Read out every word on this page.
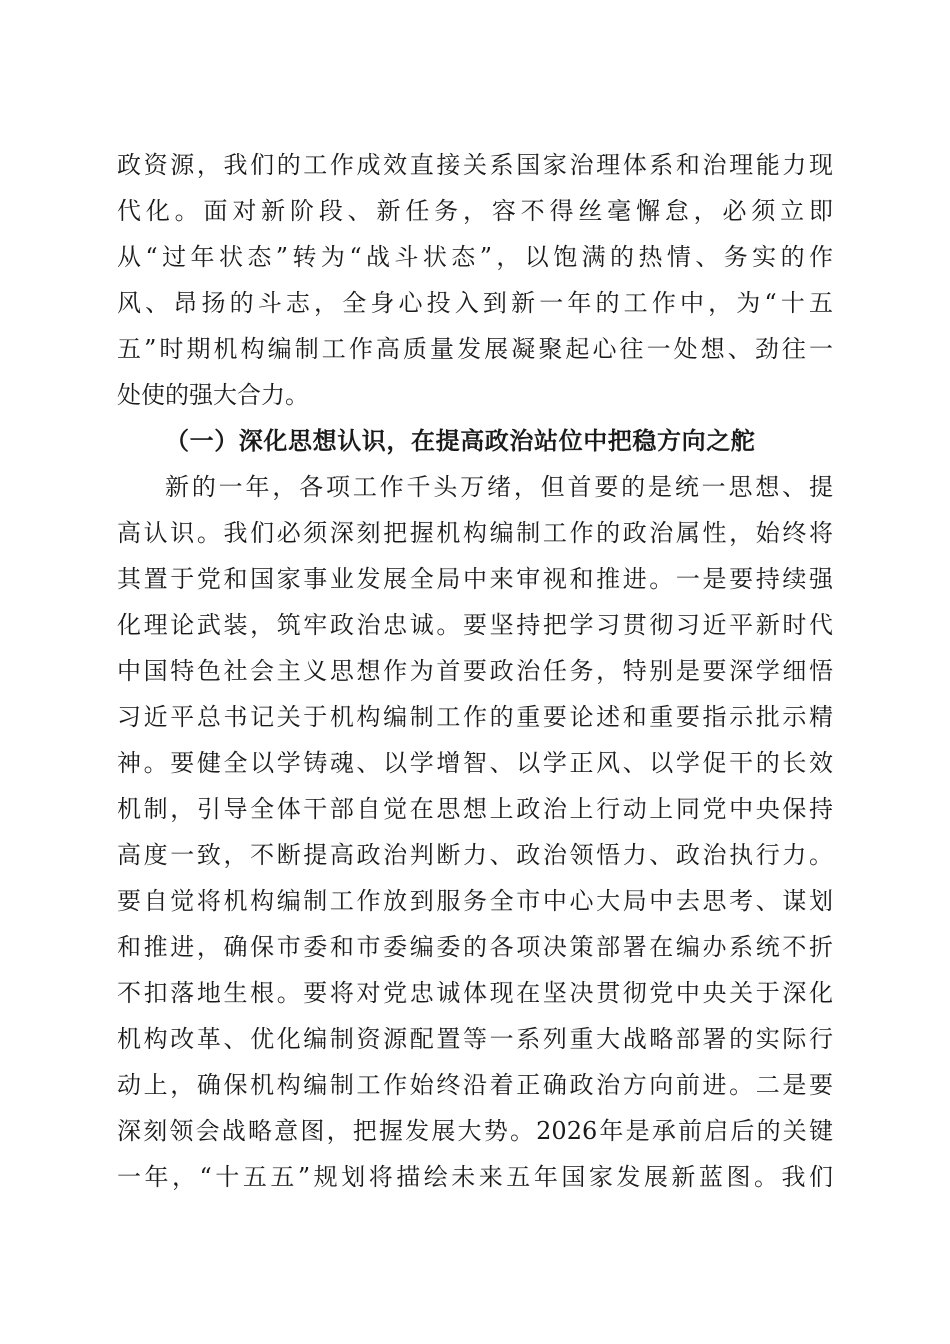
政资源，我们的工作成效直接关系国家治理体系和治理能力现
代化。面对新阶段、新任务，容不得丝毫懈怠，必须立即
从“过年状态”转为“战斗状态”，以饱满的热情、务实的作
风、昂扬的斗志，全身心投入到新一年的工作中，为“十五
五”时期机构编制工作高质量发展凝聚起心往一处想、劲往一
处使的强大合力。
（一）深化思想认识，在提高政治站位中把稳方向之舵
新的一年，各项工作千头万绪，但首要的是统一思想、提
高认识。我们必须深刻把握机构编制工作的政治属性，始终将
其置于党和国家事业发展全局中来审视和推进。一是要持续强
化理论武装，筑牢政治忠诚。要坚持把学习贯彻习近平新时代
中国特色社会主义思想作为首要政治任务，特别是要深学细悟
习近平总书记关于机构编制工作的重要论述和重要指示批示精
神。要健全以学铸魂、以学增智、以学正风、以学促干的长效
机制，引导全体干部自觉在思想上政治上行动上同党中央保持
高度一致，不断提高政治判断力、政治领悟力、政治执行力。
要自觉将机构编制工作放到服务全市中心大局中去思考、谋划
和推进，确保市委和市委编委的各项决策部署在编办系统不折
不扣落地生根。要将对党忠诚体现在坚决贯彻党中央关于深化
机构改革、优化编制资源配置等一系列重大战略部署的实际行
动上，确保机构编制工作始终沿着正确政治方向前进。二是要
深刻领会战略意图，把握发展大势。2026年是承前启后的关键
一年，“十五五”规划将描绘未来五年国家发展新蓝图。我们
